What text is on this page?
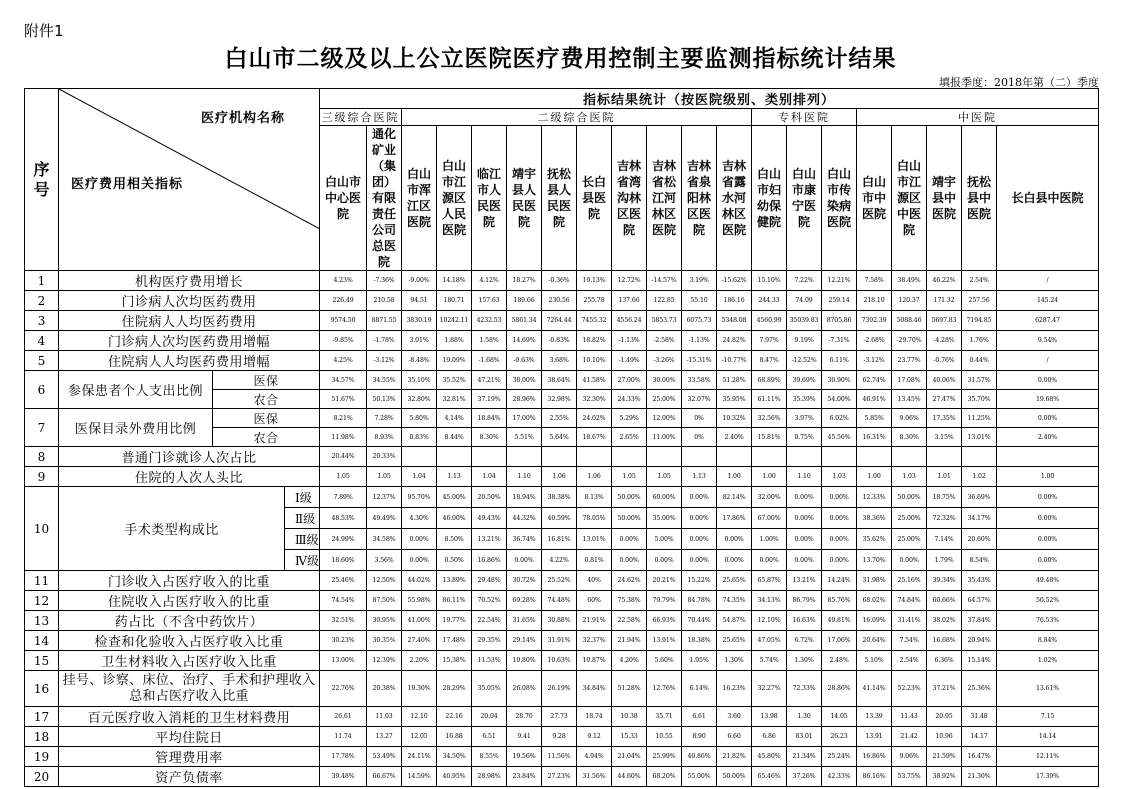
附件1
白山市二级及以上公立医院医疗费用控制主要监测指标统计结果
填报季度：2018年第（二）季度
序号	医疗机构名称
医疗费用相关指标			指标结果统计（按医院级别、类别排列）																			
				三级综合医院		二级综合医院										专科医院			中医院				
				白山市中心医院	通化矿业（集团）有限责任公司总医院	白山市浑江区医院	白山市江源区人民医院	临江市人民医院	靖宇县人民医院	抚松县人民医院	长白县医院	吉林省湾沟林区医院	吉林省松江河林区医院	吉林省泉阳林区医院	吉林省露水河林区医院	白山市妇幼保健院	白山市康宁医院	白山市传染病医院	白山市中医院	白山市江源区中医院	靖宇县中医院	抚松县中医院	长白县中医院
1	机构医疗费用增长			4.23%	-7.36%	-9.00%	14.18%	4.12%	18.27%	-0.36%	19.13%	12.72%	-14.57%	3.19%	-15.62%	15.10%	7.22%	12.21%	7.58%	38.49%	46.22%	2.54%	/
2	门诊病人次均医药费用			226.49	210.58	94.51	180.71	157.63	189.66	230.56	255.78	137.66	122.85	55.10	186.16	244.33	74.09	259.14	218.10	120.37	171.32	257.56	145.24
3	住院病人人均医药费用			9574.50	8871.55	3830.19	10242.11	4232.53	5861.34	7264.44	7455.32	4556.24	5853.73	6075.73	5348.08	4560.99	35039.83	8705.86	7392.39	5088.46	5697.83	7194.85	6287.47
4	门诊病人次均医药费用增幅			-9.85%	-1.78%	3.01%	1.88%	1.58%	14.69%	-0.83%	18.82%	-1.13%	-2.58%	-1.13%	24.82%	7.97%	9.19%	-7.31%	-2.68%	-29.70%	-4.28%	1.76%	9.54%
5	住院病人人均医药费用增幅			4.25%	-3.12%	-8.48%	19.09%	-1.68%	-9.63%	3.68%	10.10%	-1.49%	-3.26%	-15.31%	-10.77%	8.47%	-12.52%	6.11%	-3.12%	23.77%	-0.76%	0.44%	/
6	参保患者个人支出比例	医保		34.57%	34.55%	35.10%	35.52%	47.21%	38.00%	38.64%	41.58%	27.00%	30.00%	33.58%	51.28%	68.89%	39.69%	30.90%	62.74%	17.08%	40.06%	31.57%	0.00%
		农合		51.67%	50.13%	32.80%	32.81%	37.19%	28.96%	32.98%	32.30%	24.33%	25.00%	32.07%	35.95%	61.11%	35.39%	54.00%	46.91%	13.45%	27.47%	35.70%	19.68%
7	医保目录外费用比例	医保		8.21%	7.28%	5.80%	4.14%	18.84%	17.00%	2.55%	24.02%	5.29%	12.00%	0%	10.32%	32.56%	3.97%	6.02%	5.85%	9.06%	17.35%	11.25%	0.00%
		农合		11.98%	8.93%	0.83%	8.44%	8.30%	5.51%	5.64%	18.67%	2.65%	11.00%	0%	2.40%	15.81%	0.75%	45.56%	16.31%	8.30%	3.15%	13.01%	2.40%
8	普通门诊就诊人次占比			20.44%	20.33%																		
9	住院的人次人头比			1.05	1.05	1.04	1.13	1.04	1.10	1.06	1.06	1.05	1.05	1.13	1.00	1.00	1.10	1.03	1.00	1.03	1.01	1.02	1.00
10	手术类型构成比		Ⅰ级	7.89%	12.37%	95.70%	45.00%	20.50%	18.94%	38.38%	8.13%	50.00%	60.00%	0.00%	82.14%	32.00%	0.00%	0.00%	12.33%	50.00%	18.75%	36.69%	0.00%
			Ⅱ级	48.53%	49.49%	4.30%	46.00%	49.43%	44.32%	40.59%	78.05%	50.00%	35.00%	0.00%	17.86%	67.00%	0.00%	0.00%	38.36%	25.00%	72.32%	34.17%	0.00%
			Ⅲ级	24.99%	34.58%	0.00%	8.50%	13.21%	36.74%	16.81%	13.01%	0.00%	5.00%	0.00%	0.00%	1.00%	0.00%	0.00%	35.62%	25.00%	7.14%	20.60%	0.00%
			Ⅳ级	18.60%	3.56%	0.00%	0.50%	16.86%	0.00%	4.22%	0.81%	0.00%	0.00%	0.00%	0.00%	0.00%	0.00%	0.00%	13.70%	0.00%	1.79%	8.54%	0.00%
11	门诊收入占医疗收入的比重			25.46%	12.50%	44.02%	13.89%	29.48%	30.72%	25.52%	40%	24.62%	20.21%	15.22%	25.65%	65.87%	13.21%	14.24%	31.98%	25.16%	39.34%	35.43%	49.48%
12	住院收入占医疗收入的比重			74.54%	87.50%	55.98%	86.11%	70.52%	69.28%	74.48%	60%	75.38%	79.79%	84.78%	74.35%	34.13%	86.79%	85.76%	68.02%	74.84%	60.66%	64.57%	50.52%
13	药占比（不含中药饮片）			32.51%	30.95%	41.00%	19.77%	22.54%	31.65%	30.88%	21.91%	22.58%	66.93%	70.44%	54.87%	12.10%	16.63%	49.81%	16.09%	31.41%	38.02%	37.84%	76.53%
14	检查和化验收入占医疗收入比重			30.23%	30.35%	27.40%	17.48%	29.35%	29.14%	31.91%	32.37%	21.94%	13.91%	18.38%	25.65%	47.05%	6.72%	17.06%	20.64%	7.54%	16.68%	20.94%	8.84%
15	卫生材料收入占医疗收入比重			13.00%	12.39%	2.20%	15.38%	11.53%	10.80%	10.63%	10.87%	4.20%	5.60%	1.95%	1.30%	5.74%	1.30%	2.48%	5.10%	2.54%	6.36%	15.14%	1.02%
16	挂号、诊察、床位、治疗、手术和护理收入总和占医疗收入比重			22.76%	20.38%	19.30%	28.29%	35.05%	26.08%	26.19%	34.84%	51.28%	12.76%	6.14%	16.23%	32.27%	72.33%	28.86%	41.14%	52.23%	37.21%	25.36%	13.61%
17	百元医疗收入消耗的卫生材料费用			26.61	11.03	12.10	22.16	20.04	28.70	27.73	18.74	10.38	35.71	6.61	3.60	13.98	1.30	14.05	13.39	11.43	20.95	31.48	7.15
18	平均住院日			11.74	13.27	12.05	16.88	6.51	9.41	9.28	9.12	15.33	10.55	8.90	6.60	6.86	83.01	26.23	13.91	21.42	10.96	14.17	14.14
19	管理费用率			17.78%	53.49%	24.11%	34.50%	8.55%	19.56%	11.56%	4.94%	21.04%	25.99%	40.86%	21.82%	45.80%	21.34%	25.24%	16.86%	9.06%	21.59%	16.47%	12.11%
20	资产负债率			39.48%	66.67%	14.59%	40.95%	28.98%	23.84%	27.23%	31.56%	44.60%	68.20%	55.00%	50.00%	65.46%	37.26%	42.33%	86.16%	53.75%	38.92%	21.30%	17.39%
